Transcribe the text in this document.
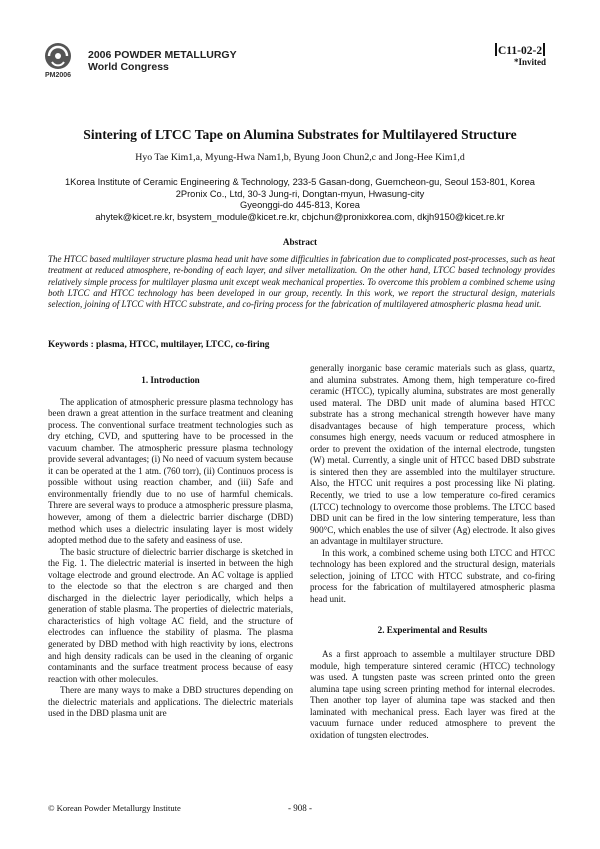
PM2006
2006 POWDER METALLURGY
World Congress
C11-02-2
*Invited
Sintering of LTCC Tape on Alumina Substrates for Multilayered Structure
Hyo Tae Kim1,a, Myung-Hwa Nam1,b, Byung Joon Chun2,c and Jong-Hee Kim1,d
1Korea Institute of Ceramic Engineering & Technology, 233-5 Gasan-dong, Guemcheon-gu, Seoul 153-801, Korea
2Pronix Co., Ltd, 30-3 Jung-ri, Dongtan-myun, Hwasung-city
Gyeonggi-do 445-813, Korea
ahytek@kicet.re.kr, bsystem_module@kicet.re.kr, cbjchun@pronixkorea.com, dkjh9150@kicet.re.kr
Abstract
The HTCC based multilayer structure plasma head unit have some difficulties in fabrication due to complicated post-processes, such as heat treatment at reduced atmosphere, re-bonding of each layer, and silver metallization. On the other hand, LTCC based technology provides relatively simple process for multilayer plasma unit except weak mechanical properties. To overcome this problem a combined scheme using both LTCC and HTCC technology has been developed in our group, recently. In this work, we report the structural design, materials selection, joining of LTCC with HTCC substrate, and co-firing process for the fabrication of multilayered atmospheric plasma head unit.
Keywords : plasma, HTCC, multilayer, LTCC, co-firing

1. Introduction

The application of atmospheric pressure plasma technology has been drawn a great attention in the surface treatment and cleaning process. The conventional surface treatment technologies such as dry etching, CVD, and sputtering have to be processed in the vacuum chamber. The atmospheric pressure plasma technology provide several advantages; (i) No need of vacuum system because it can be operated at the 1 atm. (760 torr), (ii) Continuos process is possible without using reaction chamber, and (iii) Safe and environmentally friendly due to no use of harmful chemicals. Threre are several ways to produce a atmospheric pressure plasma, however, among of them a dielectric barrier discharge (DBD) method which uses a dielectric insulating layer is most widely adopted method due to the safety and easiness of use.

The basic structure of dielectric barrier discharge is sketched in the Fig. 1. The dielectric material is inserted in between the high voltage electrode and ground electrode. An AC voltage is applied to the electode so that the electron s are charged and then discharged in the dielectric layer periodically, which helps a generation of stable plasma. The properties of dielectric materials, characteristics of high voltage AC field, and the structure of electrodes can influence the stability of plasma. The plasma generated by DBD method with high reactivity by ions, electrons and high density radicals can be used in the cleaning of organic contaminants and the surface treatment process because of easy reaction with other molecules.

There are many ways to make a DBD structures depending on the dielectric materials and applications. The dielectric materials used in the DBD plasma unit are

generally inorganic base ceramic materials such as glass, quartz, and alumina substrates. Among them, high temperature co-fired ceramic (HTCC), typically alumina, substrates are most generally used materal. The DBD unit made of alumina based HTCC substrate has a strong mechanical strength however have many disadvantages because of high temperature process, which consumes high energy, needs vacuum or reduced atmosphere in order to prevent the oxidation of the internal electrode, tungsten (W) metal. Currently, a single unit of HTCC based DBD substrate is sintered then they are assembled into the multilayer structure. Also, the HTCC unit requires a post processing like Ni plating. Recently, we tried to use a low temperature co-fired ceramics (LTCC) technology to overcome those problems. The LTCC based DBD unit can be fired in the low sintering temperature, less than 900°C, which enables the use of silver (Ag) electrode. It also gives an advantage in multilayer structure.

In this work, a combined scheme using both LTCC and HTCC technology has been explored and the structural design, materials selection, joining of LTCC with HTCC substrate, and co-firing process for the fabrication of multilayered atmospheric plasma head unit.

2. Experimental and Results

As a first approach to assemble a multilayer structure DBD module, high temperature sintered ceramic (HTCC) technology was used. A tungsten paste was screen printed onto the green alumina tape using screen printing method for internal elecrodes. Then another top layer of alumina tape was stacked and then laminated with mechanical press. Each layer was fired at the vacuum furnace under reduced atmosphere to prevent the oxidation of tungsten electrodes.

- 908 -
© Korean Powder Metallurgy Institute
